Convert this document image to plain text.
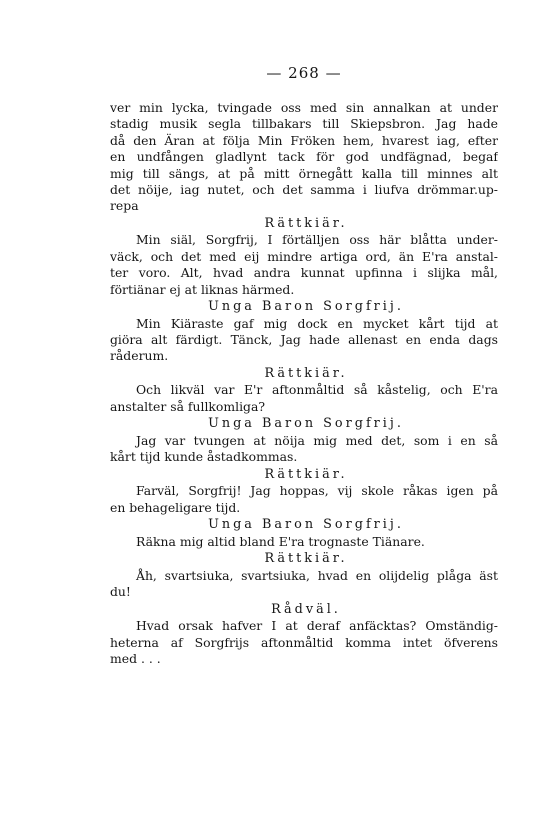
— 268 —
ver min lycka, tvingade oss med sin annalkan at under
stadig musik segla tillbakars till Skiepsbron. Jag hade
då den Äran at följa Min Fröken hem, hvarest iag, efter
en undfången gladlynt tack för god undfägnad, begaf
mig till sängs, at på mitt örnegått kalla till minnes alt
det nöije, iag nutet, och det samma i liufva drömmar.up-
repa
Rättkiär.
Min siäl, Sorgfrij, I förtälljen oss här blåtta under-
väck, och det med eij mindre artiga ord, än E'ra anstal-
ter voro. Alt, hvad andra kunnat upfinna i slijka mål,
förtiänar ej at liknas härmed.
Unga Baron Sorgfrij.
Min Kiäraste gaf mig dock en mycket kårt tijd at
giöra alt färdigt. Tänck, Jag hade allenast en enda dags
råderum.
Rättkiär.
Och likväl var E'r aftonmåltid så kåstelig, och E'ra
anstalter så fullkomliga?
Unga Baron Sorgfrij.
Jag var tvungen at nöija mig med det, som i en så
kårt tijd kunde åstadkommas.
Rättkiär.
Farväl, Sorgfrij! Jag hoppas, vij skole råkas igen på
en behageligare tijd.
Unga Baron Sorgfrij.
Räkna mig altid bland E'ra trognaste Tiänare.
Rättkiär.
Åh, svartsiuka, svartsiuka, hvad en olijdelig plåga äst
du!
Rådväl.
Hvad orsak hafver I at deraf anfäcktas? Omständig-
heterna af Sorgfrijs aftonmåltid komma intet öfverens
med . . .
